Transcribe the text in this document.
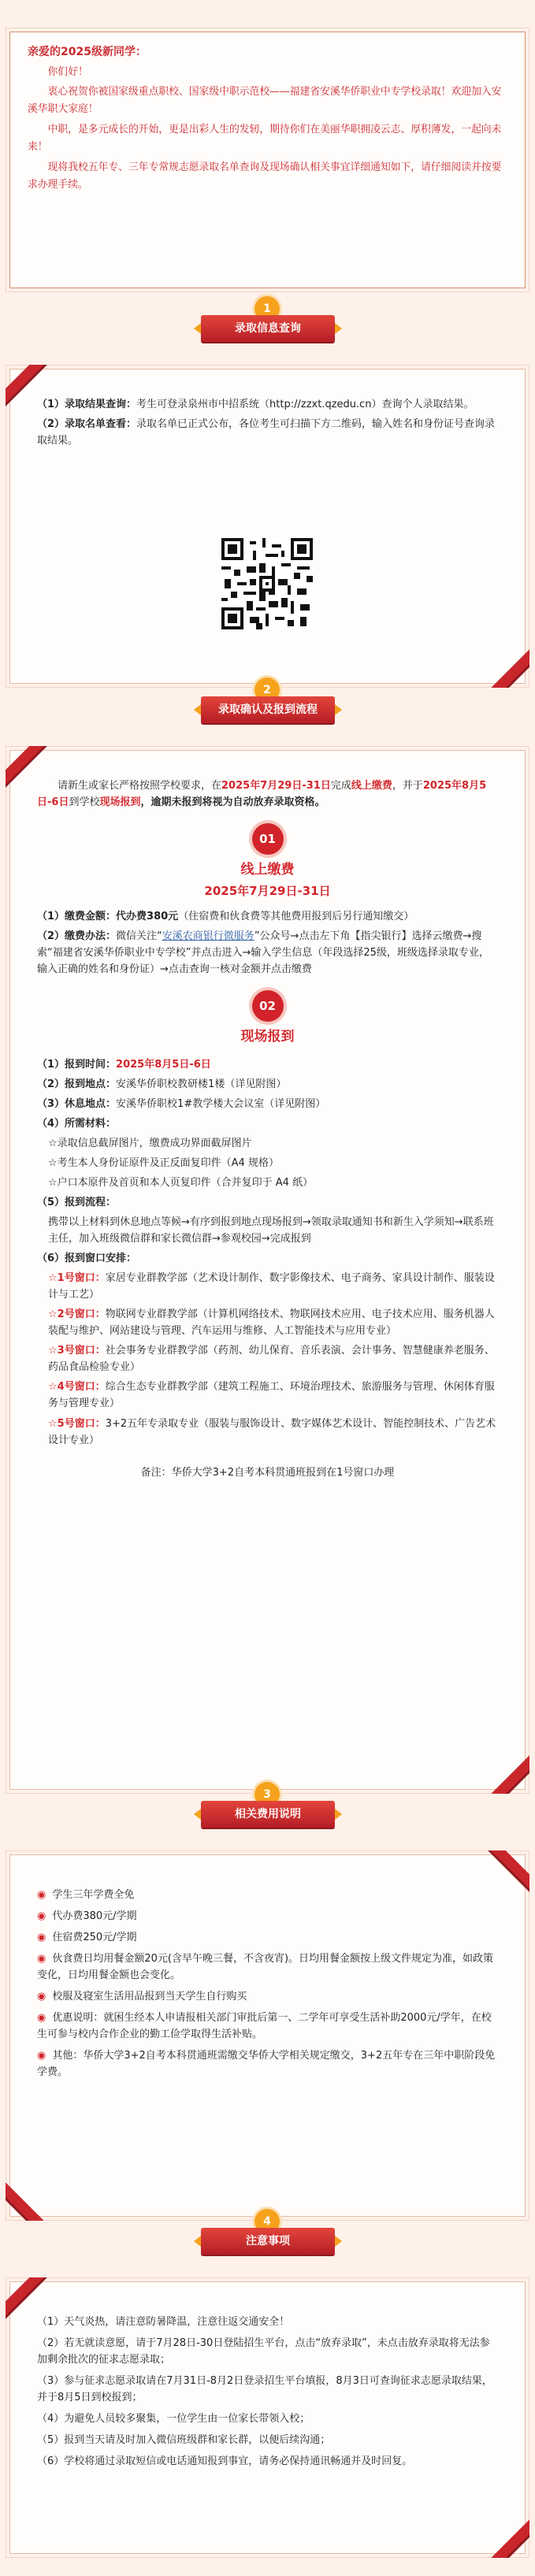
亲爱的2025级新同学：

你们好！

衷心祝贺你被国家级重点职校、国家级中职示范校——福建省安溪华侨职业中专学校录取！欢迎加入安溪华职大家庭！

中职，是多元成长的开始，更是出彩人生的发轫，期待你们在美丽华职拥凌云志、厚积薄发，一起向未来！

现将我校五年专、三年专常规志愿录取名单查询及现场确认相关事宜详细通知如下，请仔细阅读并按要求办理手续。

1
录取信息查询

（1）录取结果查询：考生可登录泉州市中招系统（http://zzxt.qzedu.cn）查询个人录取结果。

（2）录取名单查看：录取名单已正式公布，各位考生可扫描下方二维码，输入姓名和身份证号查询录取结果。

2
录取确认及报到流程

请新生或家长严格按照学校要求，在2025年7月29日-31日完成线上缴费，并于2025年8月5日-6日到学校现场报到，逾期未报到将视为自动放弃录取资格。

01
线上缴费
2025年7月29日-31日

（1）缴费金额：代办费380元（住宿费和伙食费等其他费用报到后另行通知缴交）

（2）缴费办法：微信关注“安溪农商银行微服务”公众号→点击左下角【指尖银行】选择云缴费→搜索“福建省安溪华侨职业中专学校”并点击进入→输入学生信息（年段选择25级，班级选择录取专业，输入正确的姓名和身份证）→点击查询一核对金额并点击缴费

02
现场报到

（1）报到时间：2025年8月5日-6日

（2）报到地点：安溪华侨职校教研楼1楼（详见附图）

（3）休息地点：安溪华侨职校1#教学楼大会议室（详见附图）

（4）所需材料：

☆录取信息截屏图片，缴费成功界面截屏图片

☆考生本人身份证原件及正反面复印件（A4 规格）

☆户口本原件及首页和本人页复印件（合并复印于 A4 纸）

（5）报到流程：

携带以上材料到休息地点等候→有序到报到地点现场报到→领取录取通知书和新生入学须知→联系班主任，加入班级微信群和家长微信群→参观校园→完成报到

（6）报到窗口安排：

☆1号窗口：家居专业群教学部（艺术设计制作、数字影像技术、电子商务、家具设计制作、服装设计与工艺）

☆2号窗口：物联网专业群教学部（计算机网络技术、物联网技术应用、电子技术应用、服务机器人装配与维护、网站建设与管理、汽车运用与维修、人工智能技术与应用专业）

☆3号窗口：社会事务专业群教学部（药剂、幼儿保育、音乐表演、会计事务、智慧健康养老服务、药品食品检验专业）

☆4号窗口：综合生态专业群教学部（建筑工程施工、环境治理技术、旅游服务与管理、休闲体育服务与管理专业）

☆5号窗口：3+2五年专录取专业（服装与服饰设计、数字媒体艺术设计、智能控制技术、广告艺术设计专业）

备注：华侨大学3+2自考本科贯通班报到在1号窗口办理

3
相关费用说明

◉ 学生三年学费全免

◉ 代办费380元/学期

◉ 住宿费250元/学期

◉ 伙食费日均用餐金额20元(含早午晚三餐，不含夜宵)。日均用餐金额按上级文件规定为准，如政策变化，日均用餐金额也会变化。

◉ 校服及寝室生活用品报到当天学生自行购买

◉ 优惠说明：就困生经本人申请报相关部门审批后第一、二学年可享受生活补助2000元/学年，在校生可参与校内合作企业的勤工俭学取得生活补贴。

◉ 其他：华侨大学3+2自考本科贯通班需缴交华侨大学相关规定缴交，3+2五年专在三年中职阶段免学费。

4
注意事项

（1）天气炎热，请注意防暑降温，注意往返交通安全！

（2）若无就读意愿，请于7月28日-30日登陆招生平台，点击“放弃录取”，未点击放弃录取将无法参加剩余批次的征求志愿录取；

（3）参与征求志愿录取请在7月31日-8月2日登录招生平台填报，8月3日可查询征求志愿录取结果，并于8月5日到校报到；

（4）为避免人员较多聚集，一位学生由一位家长带领入校；

（5）报到当天请及时加入微信班级群和家长群，以便后续沟通；

（6）学校将通过录取短信或电话通知报到事宜，请务必保持通讯畅通并及时回复。
